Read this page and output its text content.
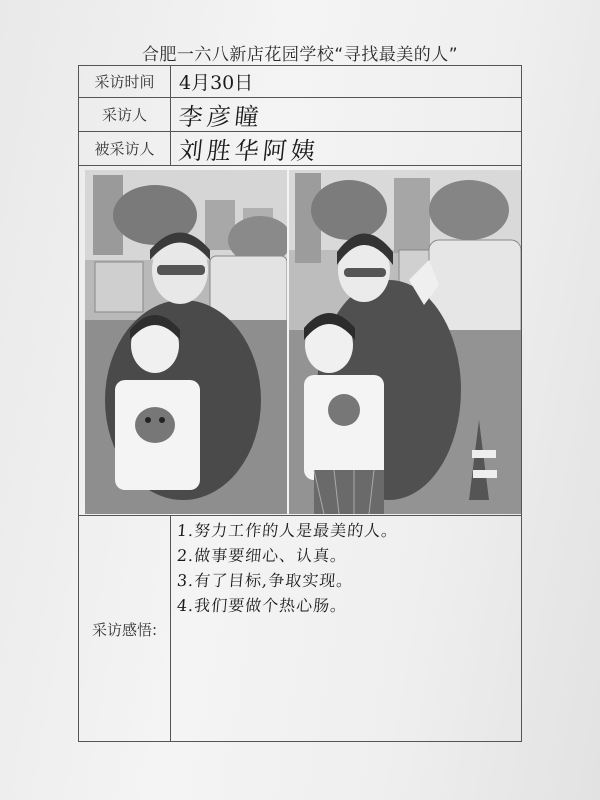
合肥一六八新店花园学校“寻找最美的人”
采访时间	4月30日
采访人	李彦瞳
被采访人 刘胜华阿姨
采访感悟:
1.努力工作的人是最美的人。
2.做事要细心、认真。
3.有了目标,争取实现。
4.我们要做个热心肠。
